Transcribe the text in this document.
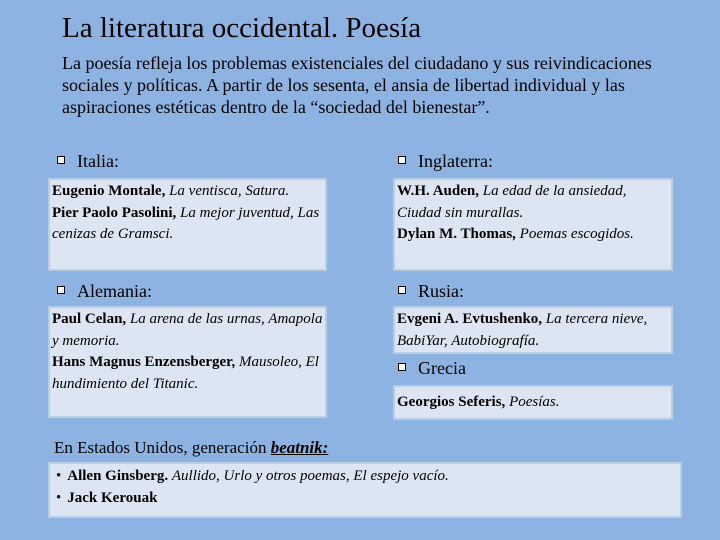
La literatura occidental. Poesía
La poesía refleja los problemas existenciales del ciudadano y sus reivindicaciones sociales y políticas. A partir de los sesenta, el ansia de libertad individual y las aspiraciones estéticas dentro de la “sociedad del bienestar”.
Italia:
Eugenio Montale, La ventisca, Satura.
Pier Paolo Pasolini, La mejor juventud, Las cenizas de Gramsci.
Inglaterra:
W.H. Auden, La edad de la ansiedad, Ciudad sin murallas.
Dylan M. Thomas, Poemas escogidos.
Alemania:
Paul Celan, La arena de las urnas, Amapola y memoria.
Hans Magnus Enzensberger, Mausoleo, El hundimiento del Titanic.
Rusia:
Evgeni A. Evtushenko, La tercera nieve, BabiYar, Autobiografía.
Grecia
Georgios Seferis, Poesías.
En Estados Unidos, generación beatnik:
• Allen Ginsberg. Aullido, Urlo y otros poemas, El espejo vacío.
• Jack Kerouak
